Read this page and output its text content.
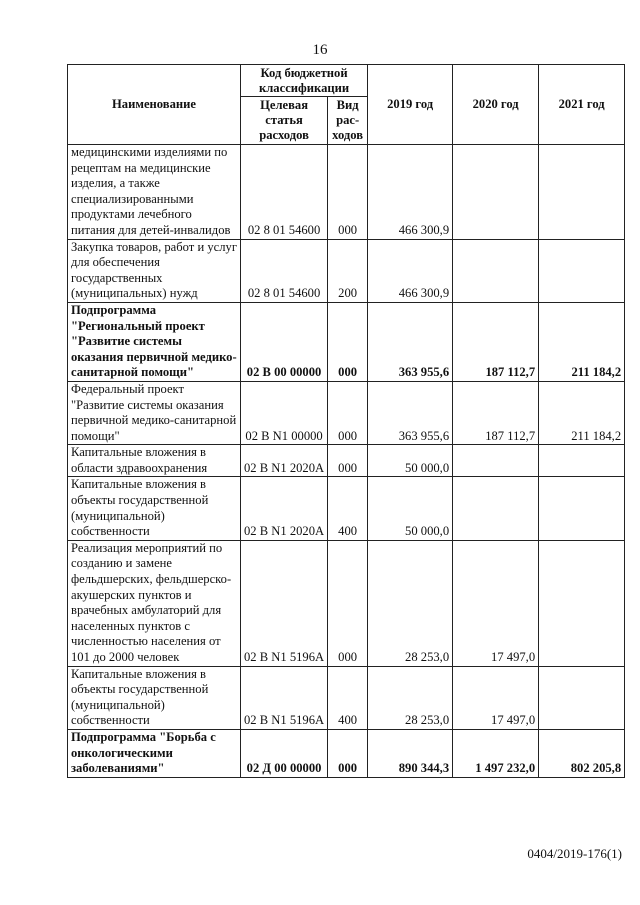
16
Наименование	Код бюджетной классификации		2019 год	2020 год	2021 год
	Целевая статья расходов	Вид рас-ходов			
медицинскими изделиями по рецептам на медицинские изделия, а также специализированными продуктами лечебного питания для детей-инвалидов	02 8 01 54600	000	466 300,9		
Закупка товаров, работ и услуг для обеспечения государственных (муниципальных) нужд	02 8 01 54600	200	466 300,9		
Подпрограмма "Региональный проект "Развитие системы оказания первичной медико-санитарной помощи"	02 В 00 00000	000	363 955,6	187 112,7	211 184,2
Федеральный проект "Развитие системы оказания первичной медико-санитарной помощи"	02 В N1 00000	000	363 955,6	187 112,7	211 184,2
Капитальные вложения в области здравоохранения	02 В N1 2020А	000	50 000,0		
Капитальные вложения в объекты государственной (муниципальной) собственности	02 В N1 2020А	400	50 000,0		
Реализация мероприятий по созданию и замене фельдшерских, фельдшерско-акушерских пунктов и врачебных амбулаторий для населенных пунктов с численностью населения от 101 до 2000 человек	02 В N1 5196А	000	28 253,0	17 497,0	
Капитальные вложения в объекты государственной (муниципальной) собственности	02 В N1 5196А	400	28 253,0	17 497,0	
Подпрограмма "Борьба с онкологическими заболеваниями"	02 Д 00 00000	000	890 344,3	1 497 232,0	802 205,8
0404/2019-176(1)
